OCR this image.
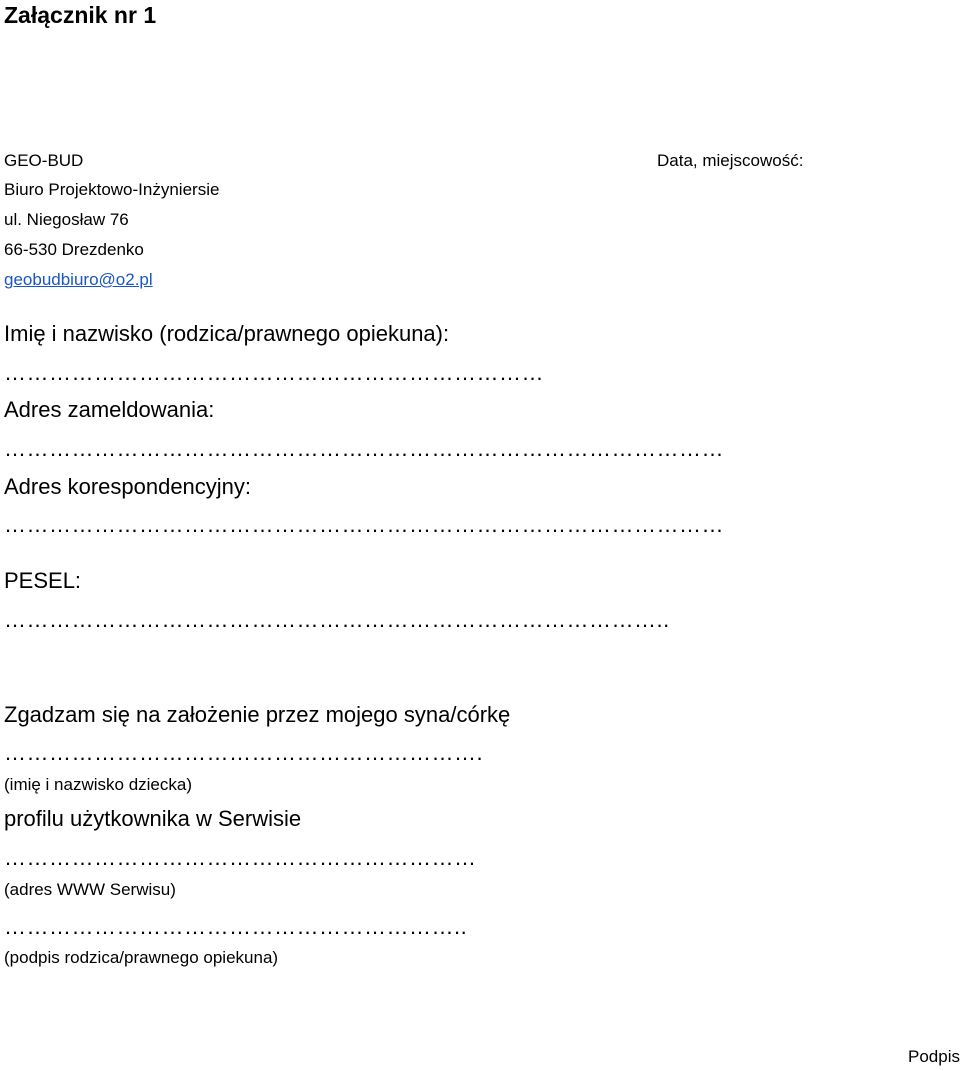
Załącznik nr 1
GEO-BUD
Biuro Projektowo-Inżyniersie
ul. Niegosław 76
66-530 Drezdenko
geobudbiuro@o2.pl
Data, miejscowość:
Imię i nazwisko (rodzica/prawnego opiekuna):
………………………………………………………………
Adres zameldowania:
……………………………………………………………………………………
Adres korespondencyjny:
……………………………………………………………………………………
PESEL:
……………………………………………………………………………..
Zgadzam się na założenie przez mojego syna/córkę
……………………………………………………….
(imię i nazwisko dziecka)
profilu użytkownika w Serwisie
………………………………………………………
(adres WWW Serwisu)
……………………………………………………..
(podpis rodzica/prawnego opiekuna)
Podpis
